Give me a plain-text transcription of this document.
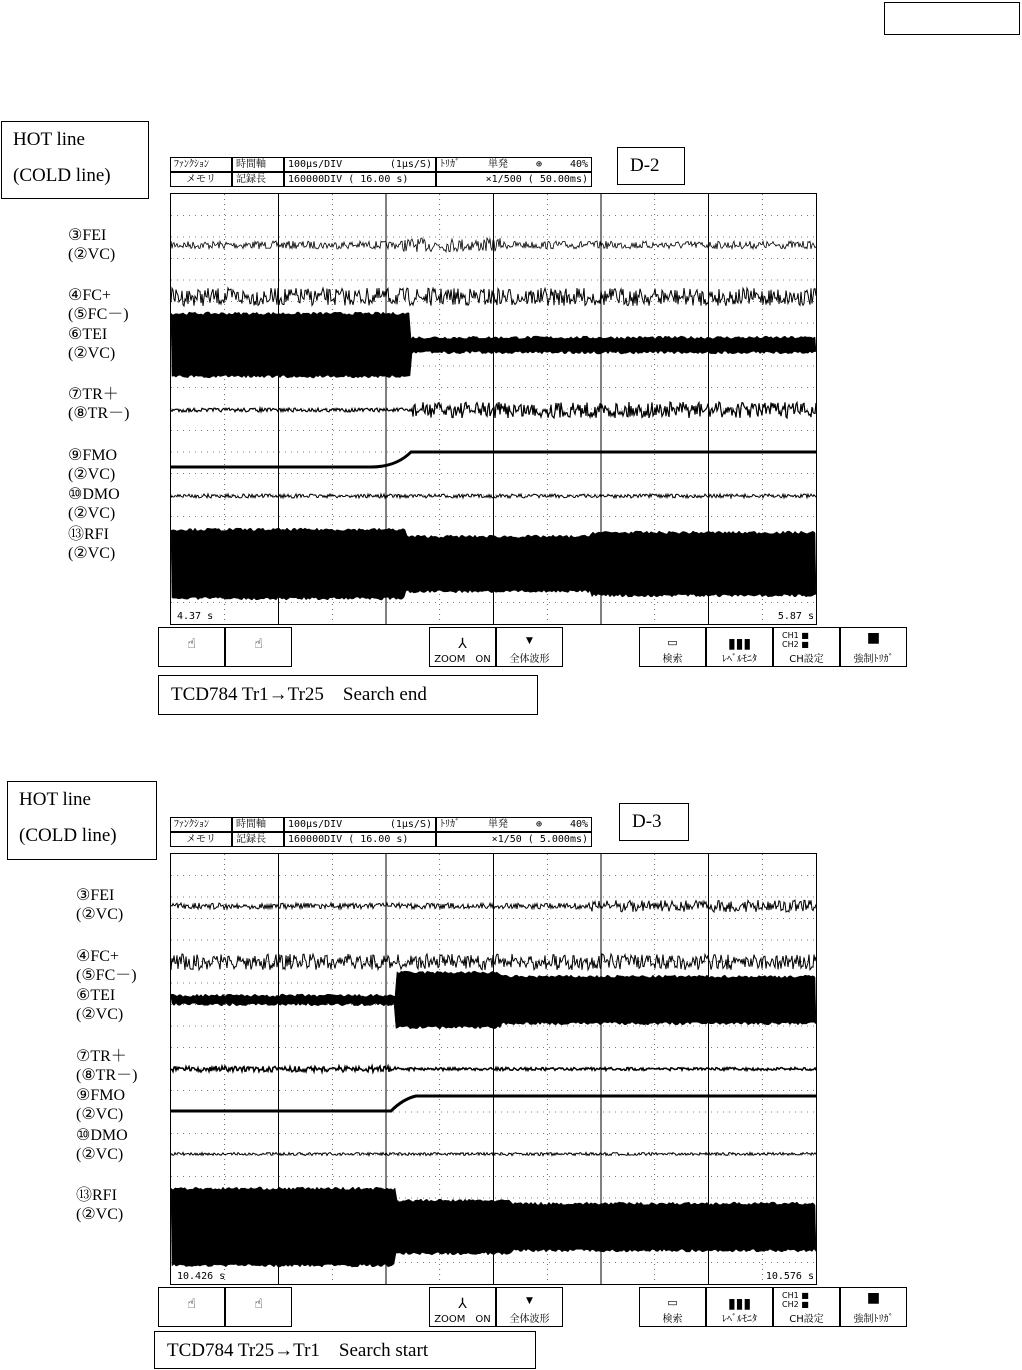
HOT line
(COLD line)
ﾌｧﾝｸｼｮﾝ
メモリ
時間軸
記録長
100μs/DIV	(1μs/S)
160000DIV ( 16.00 s)
ﾄﾘｶﾞ	単発	⊕	40%
×1/500 ( 50.00ms)
D-2
③FEI
(②VC)
④FC+
(⑤FC－)
⑥TEI
(②VC)
⑦TR＋
(⑧TR－)
⑨FMO
(②VC)
⑩DMO
(②VC)
⑬RFI
(②VC)
4.37 s	5.87 s
☝	☝	⅄
ZOOM　ON
▼
全体波形
▭
検索
▮▮▮
ﾚﾍﾞﾙﾓﾆﾀ
CH1 ■
CH2 ■
CH設定
■
強制ﾄﾘｶﾞ
TCD784 Tr1→Tr25　Search end
HOT line
(COLD line)
ﾌｧﾝｸｼｮﾝ
メモリ
時間軸
記録長
100μs/DIV	(1μs/S)
160000DIV ( 16.00 s)
ﾄﾘｶﾞ	単発	⊕	40%
×1/50 ( 5.000ms)
D-3
③FEI
(②VC)
④FC+
(⑤FC－)
⑥TEI
(②VC)
⑦TR＋
(⑧TR－)
⑨FMO
(②VC)
⑩DMO
(②VC)
⑬RFI
(②VC)
10.426 s	10.576 s
☝	☝	⅄
ZOOM　ON
▼
全体波形
▭
検索
▮▮▮
ﾚﾍﾞﾙﾓﾆﾀ
CH1 ■
CH2 ■
CH設定
■
強制ﾄﾘｶﾞ
TCD784 Tr25→Tr1　Search start
